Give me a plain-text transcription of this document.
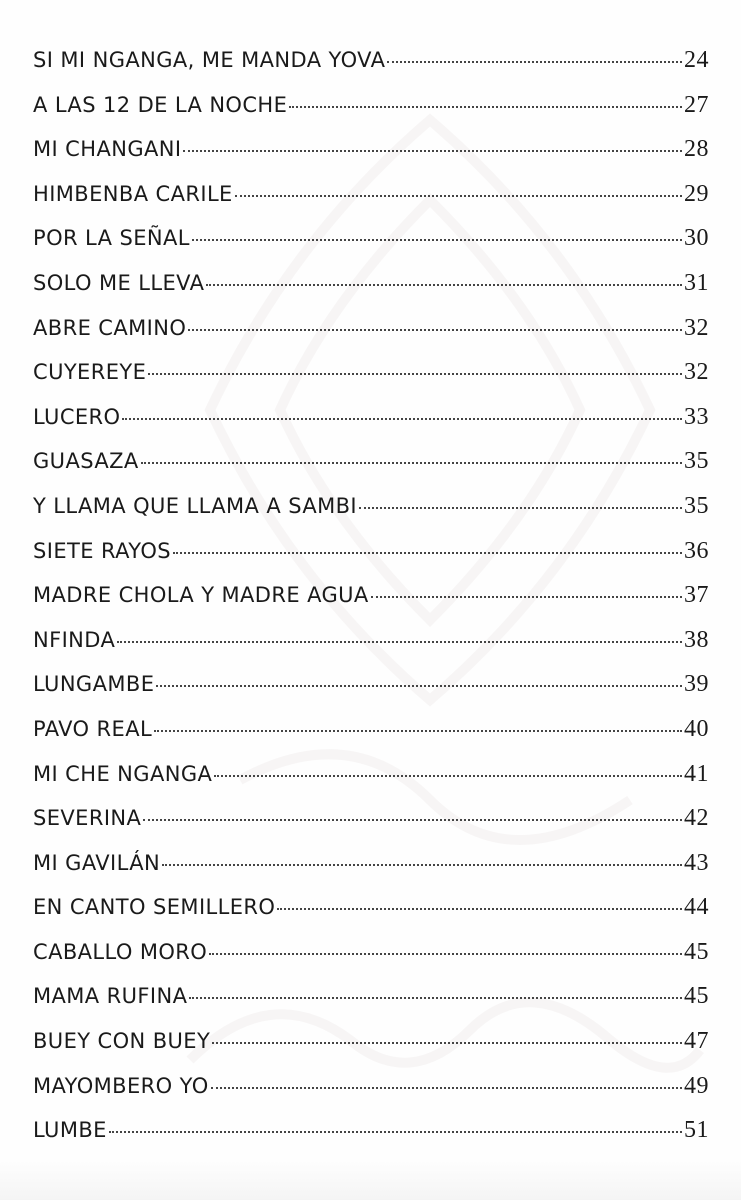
SI MI NGANGA, ME MANDA YOVA	24
A LAS 12 DE LA NOCHE	27
MI CHANGANI	28
HIMBENBA CARILE	29
POR LA SEÑAL	30
SOLO ME LLEVA	31
ABRE CAMINO	32
CUYEREYE	32
LUCERO	33
GUASAZA	35
Y LLAMA QUE LLAMA A SAMBI	35
SIETE RAYOS	36
MADRE CHOLA Y MADRE AGUA	37
NFINDA	38
LUNGAMBE	39
PAVO REAL	40
MI CHE NGANGA	41
SEVERINA	42
MI GAVILÁN	43
EN CANTO SEMILLERO	44
CABALLO MORO	45
MAMA RUFINA	45
BUEY CON BUEY	47
MAYOMBERO YO	49
LUMBE	51
